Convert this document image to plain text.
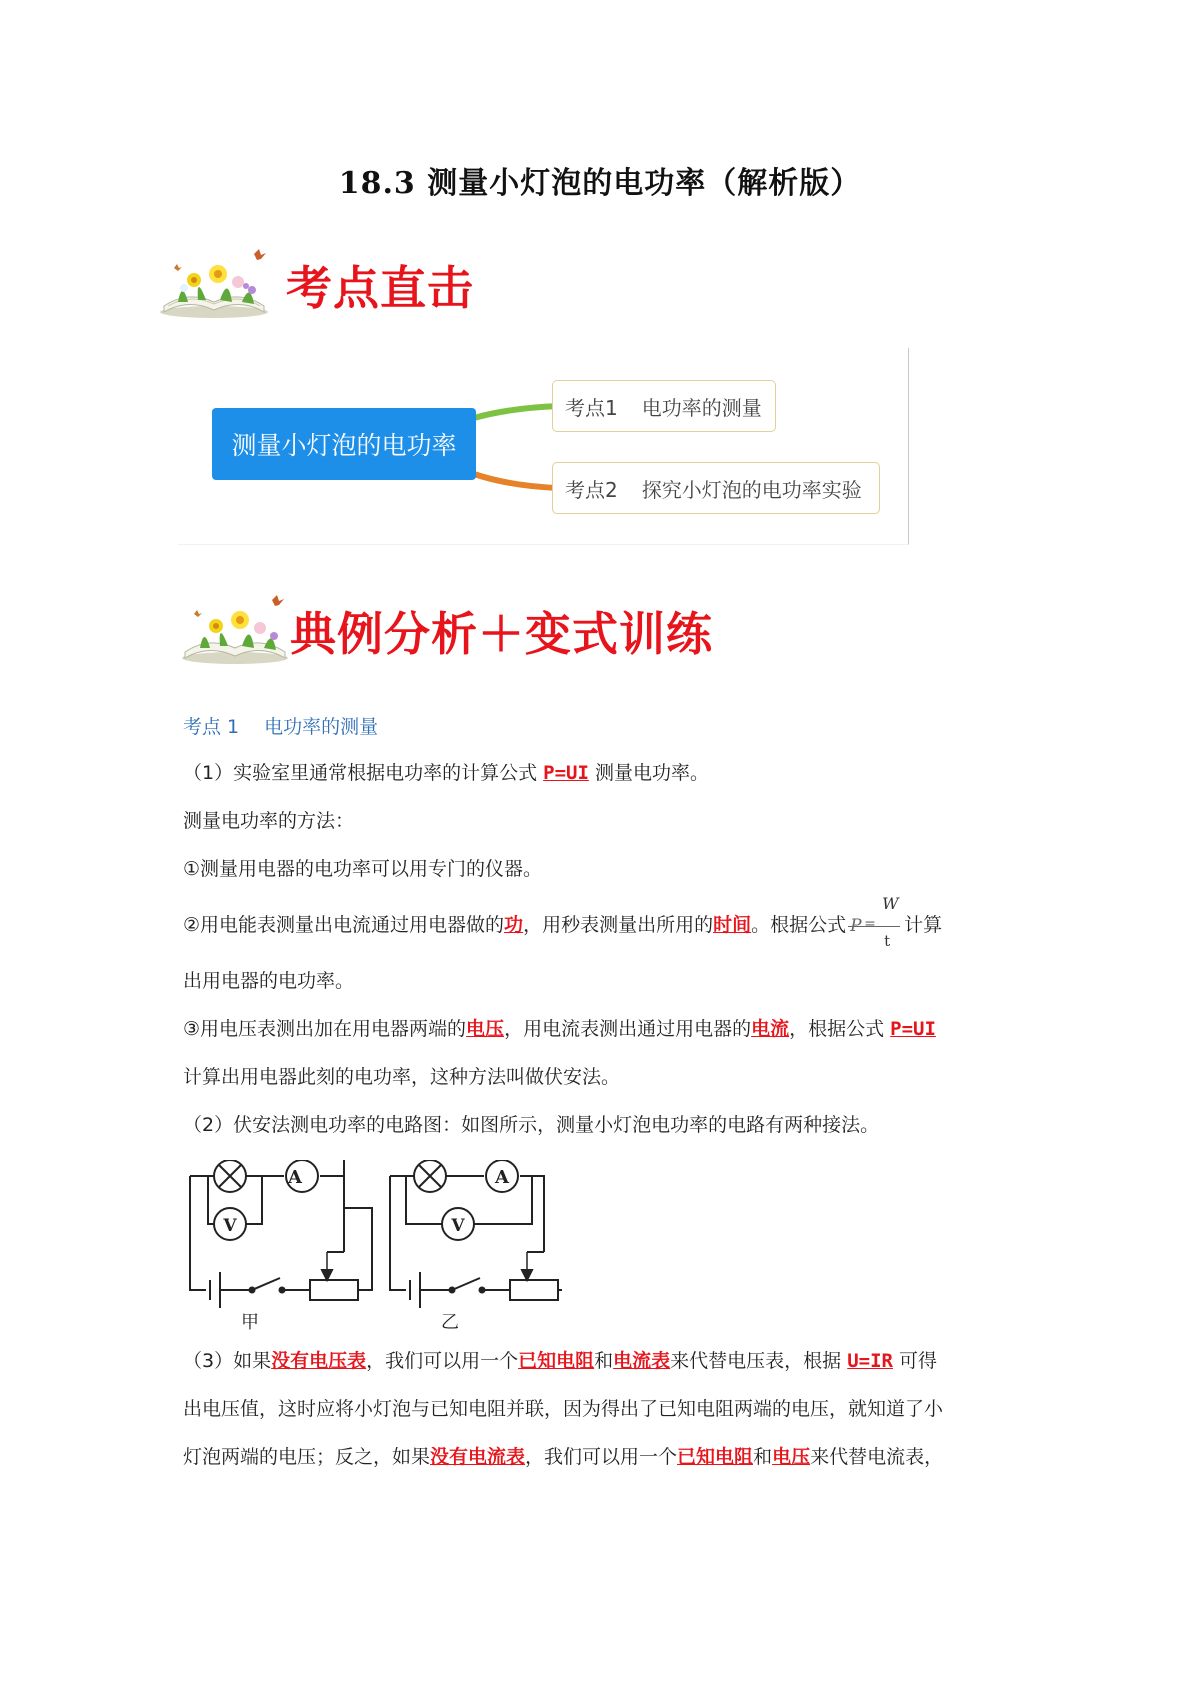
18.3 测量小灯泡的电功率（解析版）
考点直击
测量小灯泡的电功率
考点1 电功率的测量
考点2 探究小灯泡的电功率实验
典例分析＋变式训练
考点 1　 电功率的测量
（1）实验室里通常根据电功率的计算公式 P=UI 测量电功率。
测量电功率的方法：
①测量用电器的电功率可以用专门的仪器。
②用电能表测量出电流通过用电器做的功，用秒表测量出所用的时间。根据公式 P =
W
t
计算
出用电器的电功率。
③用电压表测出加在用电器两端的电压，用电流表测出通过用电器的电流，根据公式 P=UI
计算出用电器此刻的电功率，这种方法叫做伏安法。
（2）伏安法测电功率的电路图：如图所示，测量小灯泡电功率的电路有两种接法。
A
V
A
V
甲	乙
（3）如果没有电压表，我们可以用一个已知电阻和电流表来代替电压表，根据 U=IR 可得
出电压值，这时应将小灯泡与已知电阻并联，因为得出了已知电阻两端的电压，就知道了小
灯泡两端的电压；反之，如果没有电流表，我们可以用一个已知电阻和电压来代替电流表，
